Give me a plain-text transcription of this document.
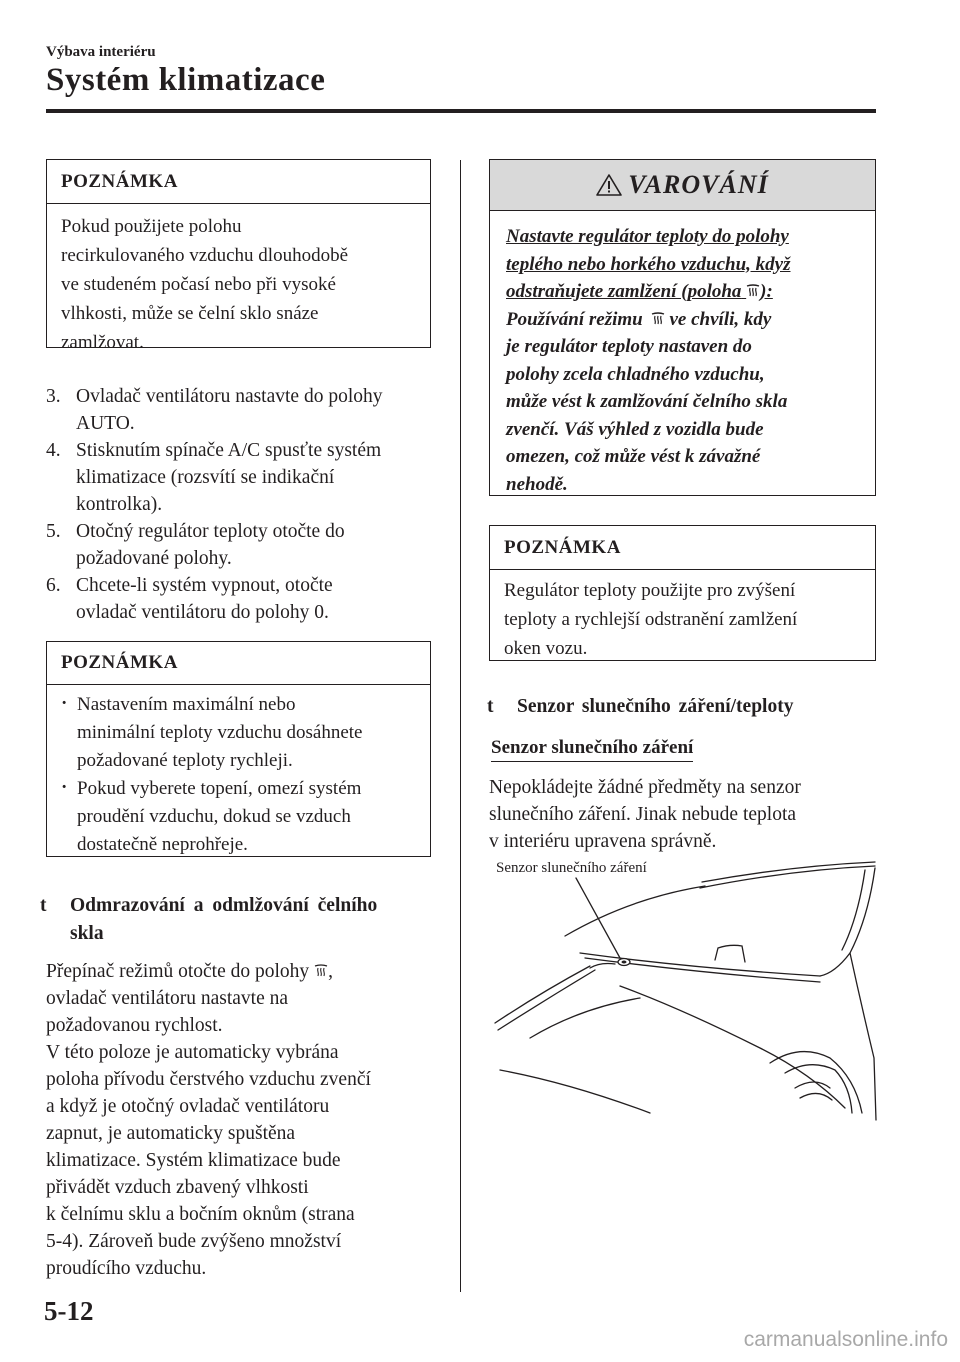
Výbava interiéru
Systém klimatizace
POZNÁMKA
Pokud použijete polohu
recirkulovaného vzduchu dlouhodobě
ve studeném počasí nebo při vysoké
vlhkosti, může se čelní sklo snáze
zamlžovat.
3. Ovladač ventilátoru nastavte do polohy
AUTO.
4. Stisknutím spínače A/C spusťte systém
klimatizace (rozsvítí se indikační
kontrolka).
5. Otočný regulátor teploty otočte do
požadované polohy.
6. Chcete-li systém vypnout, otočte
ovladač ventilátoru do polohy 0.
POZNÁMKA
· Nastavením maximální nebo
minimální teploty vzduchu dosáhnete
požadované teploty rychleji.
· Pokud vyberete topení, omezí systém
proudění vzduchu, dokud se vzduch
dostatečně neprohřeje.
t Odmrazování a odmlžování čelního
skla
Přepínač režimů otočte do polohy ,
ovladač ventilátoru nastavte na
požadovanou rychlost.
V této poloze je automaticky vybrána
poloha přívodu čerstvého vzduchu zvenčí
a když je otočný ovladač ventilátoru
zapnut, je automaticky spuštěna
klimatizace. Systém klimatizace bude
přivádět vzduch zbavený vlhkosti
k čelnímu sklu a bočním oknům (strana
5-4). Zároveň bude zvýšeno množství
proudícího vzduchu.
VAROVÁNÍ
Nastavte regulátor teploty do polohy
teplého nebo horkého vzduchu, když
odstraňujete zamlžení (poloha ):
Používání režimu ve chvíli, kdy
je regulátor teploty nastaven do
polohy zcela chladného vzduchu,
může vést k zamlžování čelního skla
zvenčí. Váš výhled z vozidla bude
omezen, což může vést k závažné
nehodě.
POZNÁMKA
Regulátor teploty použijte pro zvýšení
teploty a rychlejší odstranění zamlžení
oken vozu.
t Senzor slunečního záření/teploty
Senzor slunečního záření
Nepokládejte žádné předměty na senzor
slunečního záření. Jinak nebude teplota
v interiéru upravena správně.
Senzor slunečního záření
5-12
carmanualsonline.info
